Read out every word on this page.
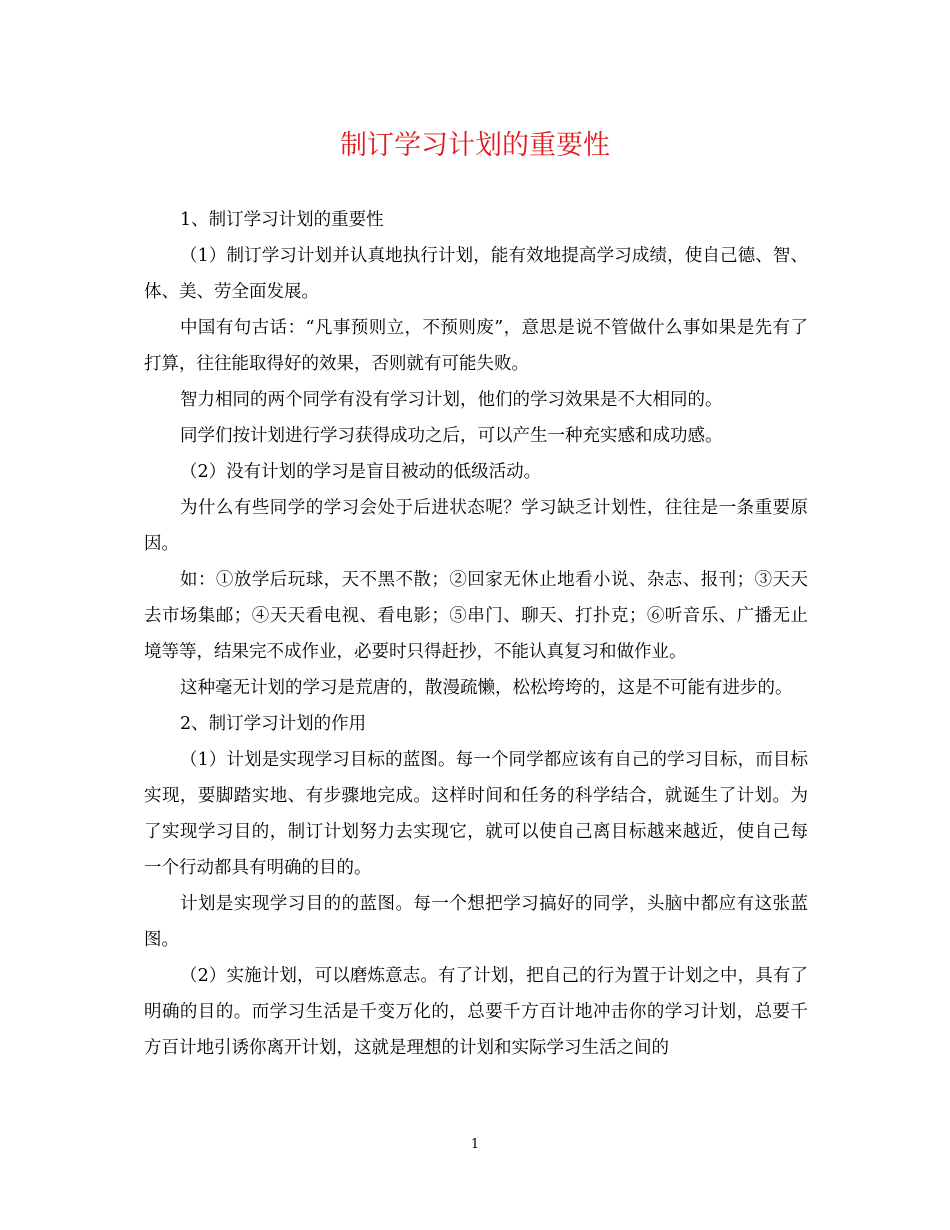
制订学习计划的重要性

1、制订学习计划的重要性

（1）制订学习计划并认真地执行计划，能有效地提高学习成绩，使自己德、智、体、美、劳全面发展。

中国有句古话：“凡事预则立，不预则废”，意思是说不管做什么事如果是先有了打算，往往能取得好的效果，否则就有可能失败。

智力相同的两个同学有没有学习计划，他们的学习效果是不大相同的。

同学们按计划进行学习获得成功之后，可以产生一种充实感和成功感。

（2）没有计划的学习是盲目被动的低级活动。

为什么有些同学的学习会处于后进状态呢？学习缺乏计划性，往往是一条重要原因。

如：①放学后玩球，天不黑不散；②回家无休止地看小说、杂志、报刊；③天天去市场集邮；④天天看电视、看电影；⑤串门、聊天、打扑克；⑥听音乐、广播无止境等等，结果完不成作业，必要时只得赶抄，不能认真复习和做作业。

这种毫无计划的学习是荒唐的，散漫疏懒，松松垮垮的，这是不可能有进步的。

2、制订学习计划的作用

（1）计划是实现学习目标的蓝图。每一个同学都应该有自己的学习目标，而目标实现，要脚踏实地、有步骤地完成。这样时间和任务的科学结合，就诞生了计划。为了实现学习目的，制订计划努力去实现它，就可以使自己离目标越来越近，使自己每一个行动都具有明确的目的。

计划是实现学习目的的蓝图。每一个想把学习搞好的同学，头脑中都应有这张蓝图。

（2）实施计划，可以磨炼意志。有了计划，把自己的行为置于计划之中，具有了明确的目的。而学习生活是千变万化的，总要千方百计地冲击你的学习计划，总要千方百计地引诱你离开计划，这就是理想的计划和实际学习生活之间的

1
